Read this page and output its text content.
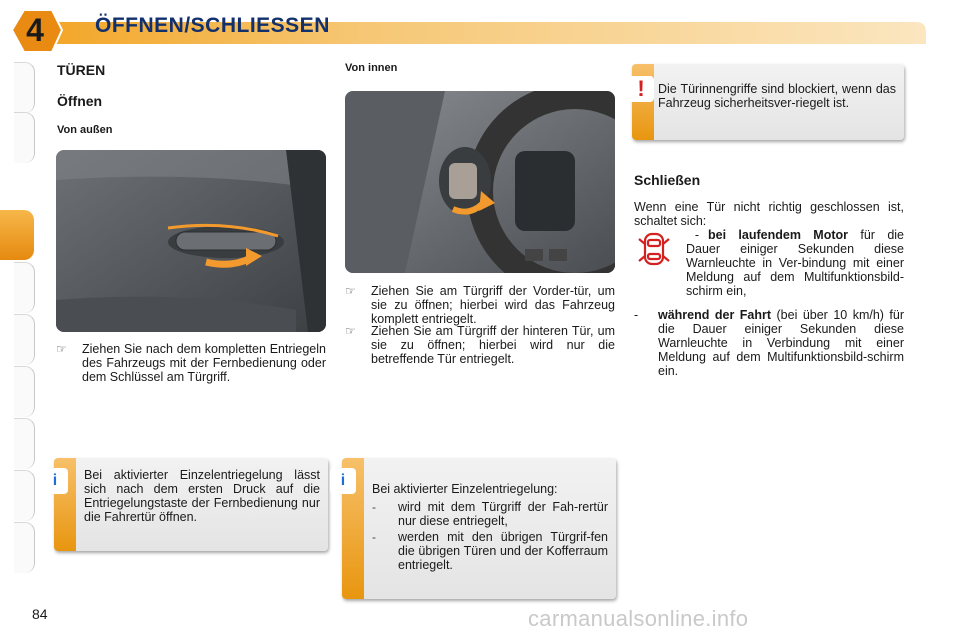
4	ÖFFNEN/SCHLIESSEN
TÜREN
Öffnen
Von außen
☞	Ziehen Sie nach dem kompletten Entriegeln des Fahrzeugs mit der Fernbedienung oder dem Schlüssel am Türgriff.
i	Bei aktivierter Einzelentriegelung lässt sich nach dem ersten Druck auf die Entriegelungstaste der Fernbedienung nur die Fahrertür öffnen.
Von innen
☞	Ziehen Sie am Türgriff der Vorder-tür, um sie zu öffnen; hierbei wird das Fahrzeug komplett entriegelt.
☞	Ziehen Sie am Türgriff der hinteren Tür, um sie zu öffnen; hierbei wird nur die betreffende Tür entriegelt.
i	Bei aktivierter Einzelentriegelung:
-	wird mit dem Türgriff der Fah-rertür nur diese entriegelt,
-	werden mit den übrigen Türgrif-fen die übrigen Türen und der Kofferraum entriegelt.
!	Die Türinnengriffe sind blockiert, wenn das Fahrzeug sicherheitsver-riegelt ist.
Schließen
Wenn eine Tür nicht richtig geschlossen ist, schaltet sich:
- bei laufendem Motor für die Dauer einiger Sekunden diese Warnleuchte in Ver-bindung mit einer Meldung auf dem Multifunktionsbild-schirm ein,
-	während der Fahrt (bei über 10 km/h) für die Dauer einiger Sekunden diese Warnleuchte in Verbindung mit einer Meldung auf dem Multifunktionsbild-schirm ein.
84	carmanualsonline.info
